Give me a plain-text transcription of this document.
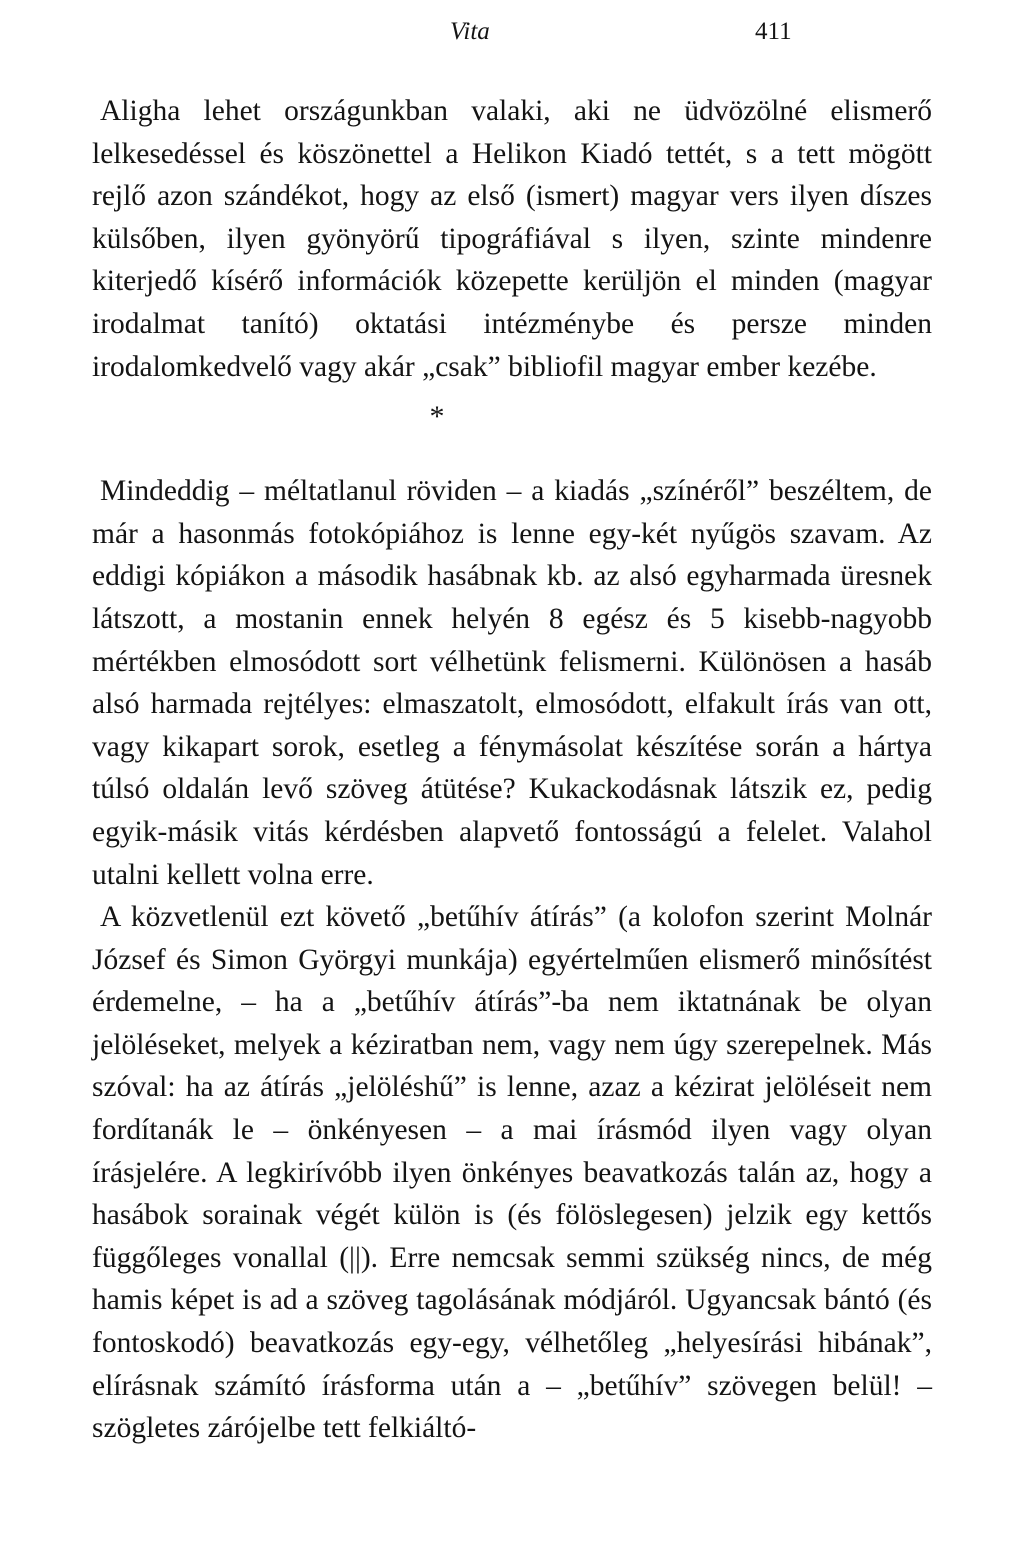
Vita	411

Aligha lehet országunkban valaki, aki ne üdvözölné elismerő lelkesedéssel és köszönettel a Helikon Kiadó tettét, s a tett mögött rejlő azon szándékot, hogy az első (ismert) magyar vers ilyen díszes külsőben, ilyen gyönyörű tipográfiával s ilyen, szinte mindenre kiterjedő kísérő információk közepette kerüljön el minden (magyar irodalmat tanító) oktatási intézménybe és persze minden irodalomkedvelő vagy akár „csak” bibliofil magyar ember kezébe.

*

Mindeddig – méltatlanul röviden – a kiadás „színéről” beszéltem, de már a hasonmás fotokópiához is lenne egy-két nyűgös szavam. Az eddigi kópiákon a második hasábnak kb. az alsó egyharmada üresnek látszott, a mostanin ennek helyén 8 egész és 5 kisebb-nagyobb mértékben elmosódott sort vélhetünk felismerni. Különösen a hasáb alsó harmada rejtélyes: elmaszatolt, elmosódott, elfakult írás van ott, vagy kikapart sorok, esetleg a fénymásolat készítése során a hártya túlsó oldalán levő szöveg átütése? Kukackodásnak látszik ez, pedig egyik-másik vitás kérdésben alapvető fontosságú a felelet. Valahol utalni kellett volna erre.

A közvetlenül ezt követő „betűhív átírás” (a kolofon szerint Molnár József és Simon Györgyi munkája) egyértelműen elismerő minősítést érdemelne, – ha a „betűhív átírás”-ba nem iktatnának be olyan jelöléseket, melyek a kéziratban nem, vagy nem úgy szerepelnek. Más szóval: ha az átírás „jelöléshű” is lenne, azaz a kézirat jelöléseit nem fordítanák le – önkényesen – a mai írásmód ilyen vagy olyan írásjelére. A legkirívóbb ilyen önkényes beavatkozás talán az, hogy a hasábok sorainak végét külön is (és fölöslegesen) jelzik egy kettős függőleges vonallal (||). Erre nemcsak semmi szükség nincs, de még hamis képet is ad a szöveg tagolásának módjáról. Ugyancsak bántó (és fontoskodó) beavatkozás egy-egy, vélhetőleg „helyesírási hibának”, elírásnak számító írásforma után a – „betűhív” szövegen belül! – szögletes zárójelbe tett felkiáltó-
